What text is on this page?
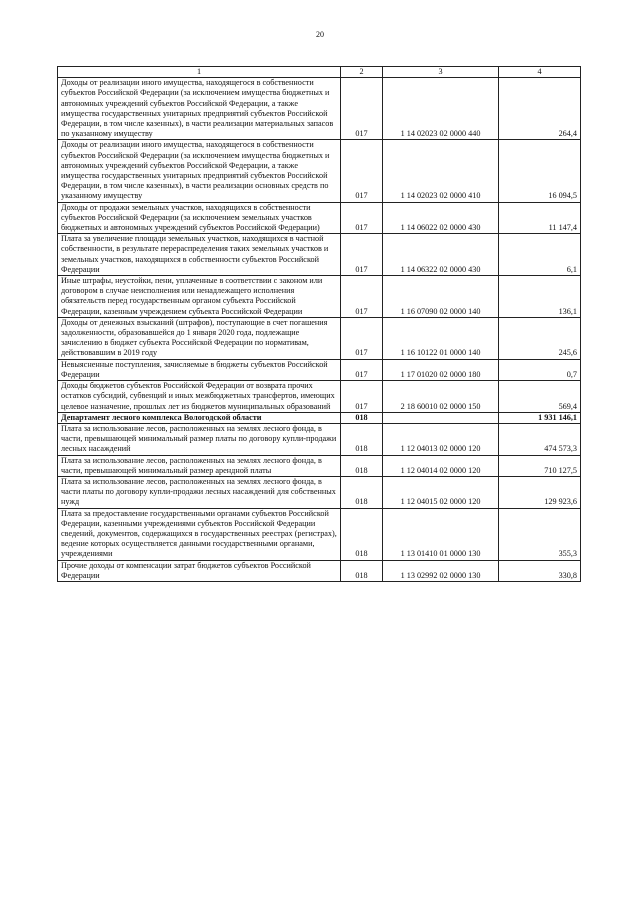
20
1	2	3	4
Доходы от реализации иного имущества, находящегося в собственности субъектов Российской Федерации (за исключением имущества бюджетных и автономных учреждений субъектов Российской Федерации, а также имущества государственных унитарных предприятий субъектов Российской Федерации, в том числе казенных), в части реализации материальных запасов по указанному имуществу	017	1 14 02023 02 0000 440	264,4
Доходы от реализации иного имущества, находящегося в собственности субъектов Российской Федерации (за исключением имущества бюджетных и автономных учреждений субъектов Российской Федерации, а также имущества государственных унитарных предприятий субъектов Российской Федерации, в том числе казенных), в части реализации основных средств по указанному имуществу	017	1 14 02023 02 0000 410	16 094,5
Доходы от продажи земельных участков, находящихся в собственности субъектов Российской Федерации (за исключением земельных участков бюджетных и автономных учреждений субъектов Российской Федерации)	017	1 14 06022 02 0000 430	11 147,4
Плата за увеличение площади земельных участков, находящихся в частной собственности, в результате перераспределения таких земельных участков и земельных участков, находящихся в собственности субъектов Российской Федерации	017	1 14 06322 02 0000 430	6,1
Иные штрафы, неустойки, пени, уплаченные в соответствии с законом или договором в случае неисполнения или ненадлежащего исполнения обязательств перед государственным органом субъекта Российской Федерации, казенным учреждением субъекта Российской Федерации	017	1 16 07090 02 0000 140	136,1
Доходы от денежных взысканий (штрафов), поступающие в счет погашения задолженности, образовавшейся до 1 января 2020 года, подлежащие зачислению в бюджет субъекта Российской Федерации по нормативам, действовавшим в 2019 году	017	1 16 10122 01 0000 140	245,6
Невыясненные поступления, зачисляемые в бюджеты субъектов Российской Федерации	017	1 17 01020 02 0000 180	0,7
Доходы бюджетов субъектов Российской Федерации от возврата прочих остатков субсидий, субвенций и иных межбюджетных трансфертов, имеющих целевое назначение, прошлых лет из бюджетов муниципальных образований	017	2 18 60010 02 0000 150	569,4
Департамент лесного комплекса Вологодской области	018		1 931 146,1
Плата за использование лесов, расположенных на землях лесного фонда, в части, превышающей минимальный размер платы по договору купли-продажи лесных насаждений	018	1 12 04013 02 0000 120	474 573,3
Плата за использование лесов, расположенных на землях лесного фонда, в части, превышающей минимальный размер арендной платы	018	1 12 04014 02 0000 120	710 127,5
Плата за использование лесов, расположенных на землях лесного фонда, в части платы по договору купли-продажи лесных насаждений для собственных нужд	018	1 12 04015 02 0000 120	129 923,6
Плата за предоставление государственными органами субъектов Российской Федерации, казенными учреждениями субъектов Российской Федерации сведений, документов, содержащихся в государственных реестрах (регистрах), ведение которых осуществляется данными государственными органами, учреждениями	018	1 13 01410 01 0000 130	355,3
Прочие доходы от компенсации затрат бюджетов субъектов Российской Федерации	018	1 13 02992 02 0000 130	330,8
